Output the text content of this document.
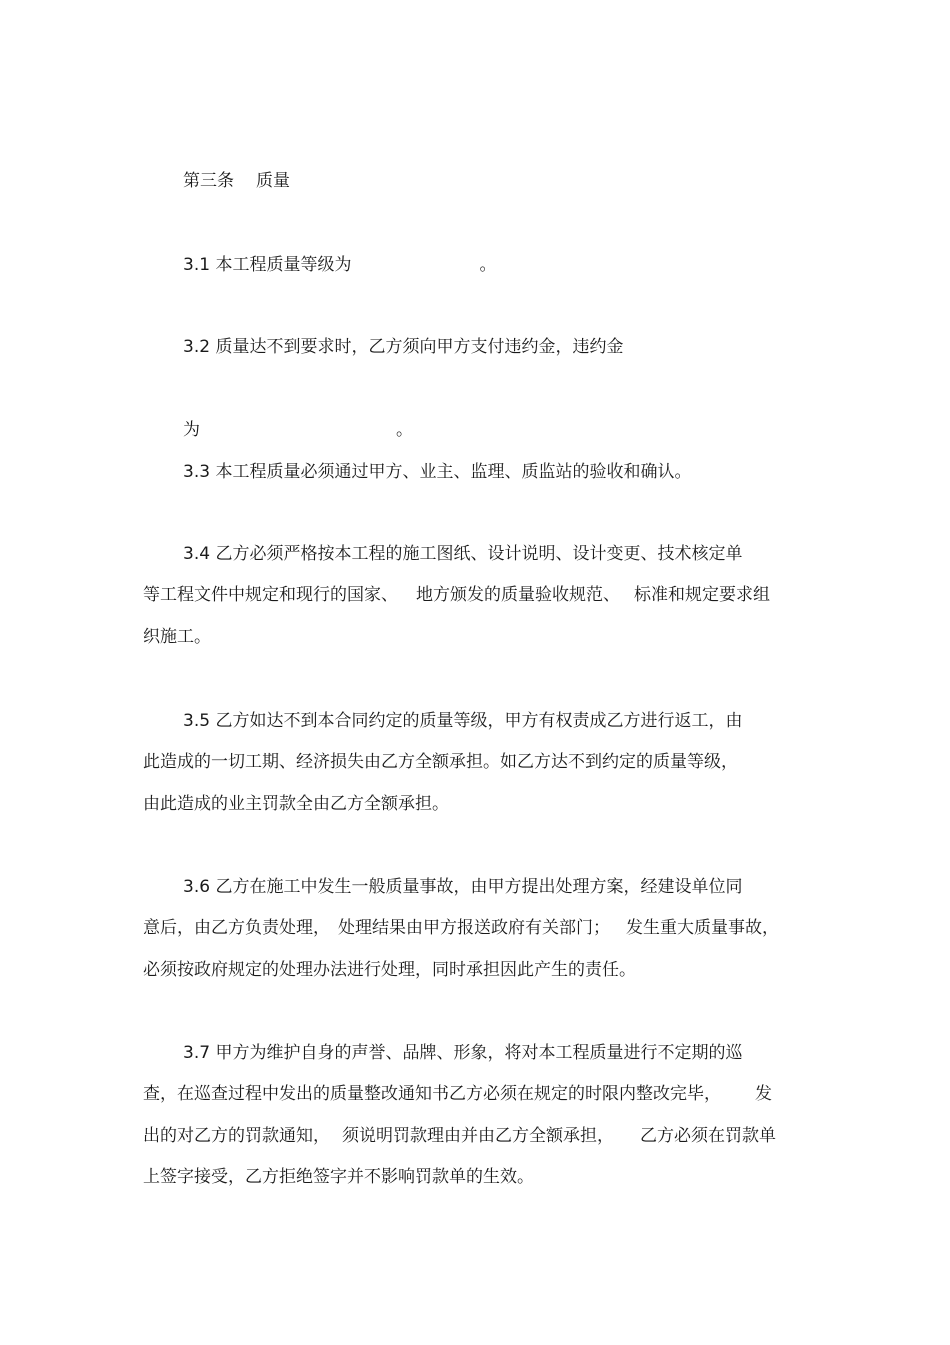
第三条 质量
3.1 本工程质量等级为	。
3.2 质量达不到要求时，乙方须向甲方支付违约金，违约金
为	。
3.3 本工程质量必须通过甲方、业主、监理、质监站的验收和确认。
3.4 乙方必须严格按本工程的施工图纸、设计说明、设计变更、技术核定单
等工程文件中规定和现行的国家、 地方颁发的质量验收规范、 标准和规定要求组
织施工。
3.5 乙方如达不到本合同约定的质量等级，甲方有权责成乙方进行返工，由
此造成的一切工期、经济损失由乙方全额承担。如乙方达不到约定的质量等级，
由此造成的业主罚款全由乙方全额承担。
3.6 乙方在施工中发生一般质量事故，由甲方提出处理方案，经建设单位同
意后，由乙方负责处理， 处理结果由甲方报送政府有关部门； 发生重大质量事故，
必须按政府规定的处理办法进行处理，同时承担因此产生的责任。
3.7 甲方为维护自身的声誉、品牌、形象，将对本工程质量进行不定期的巡
查，在巡查过程中发出的质量整改通知书乙方必须在规定的时限内整改完毕， 发
出的对乙方的罚款通知， 须说明罚款理由并由乙方全额承担， 乙方必须在罚款单
上签字接受，乙方拒绝签字并不影响罚款单的生效。
